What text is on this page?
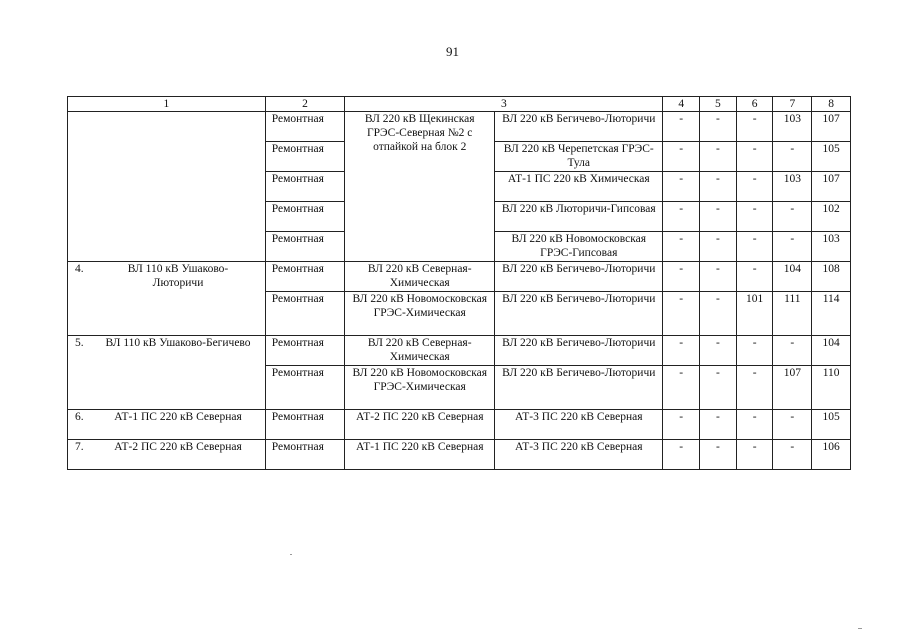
91
1	2	3		4	5	6	7	8
	Ремонтная	ВЛ 220 кВ Щекинская ГРЭС-Северная №2 с отпайкой на блок 2	ВЛ 220 кВ Бегичево-Люторичи	-	-	-	103	107
	Ремонтная		ВЛ 220 кВ Черепетская ГРЭС-Тула	-	-	-	-	105
	Ремонтная		АТ-1 ПС 220 кВ Химическая	-	-	-	103	107
	Ремонтная		ВЛ 220 кВ Люторичи-Гипсовая	-	-	-	-	102
	Ремонтная		ВЛ 220 кВ Новомосковская ГРЭС-Гипсовая	-	-	-	-	103
4. ВЛ 110 кВ Ушаково-Люторичи	Ремонтная	ВЛ 220 кВ Северная-Химическая	ВЛ 220 кВ Бегичево-Люторичи	-	-	-	104	108
	Ремонтная	ВЛ 220 кВ Новомосковская ГРЭС-Химическая	ВЛ 220 кВ Бегичево-Люторичи	-	-	101	111	114
5. ВЛ 110 кВ Ушаково-Бегичево	Ремонтная	ВЛ 220 кВ Северная-Химическая	ВЛ 220 кВ Бегичево-Люторичи	-	-	-	-	104
	Ремонтная	ВЛ 220 кВ Новомосковская ГРЭС-Химическая	ВЛ 220 кВ Бегичево-Люторичи	-	-	-	107	110
6. АТ-1 ПС 220 кВ Северная	Ремонтная	АТ-2 ПС 220 кВ Северная	АТ-3 ПС 220 кВ Северная	-	-	-	-	105
7. АТ-2 ПС 220 кВ Северная	Ремонтная	АТ-1 ПС 220 кВ Северная	АТ-3 ПС 220 кВ Северная	-	-	-	-	106
